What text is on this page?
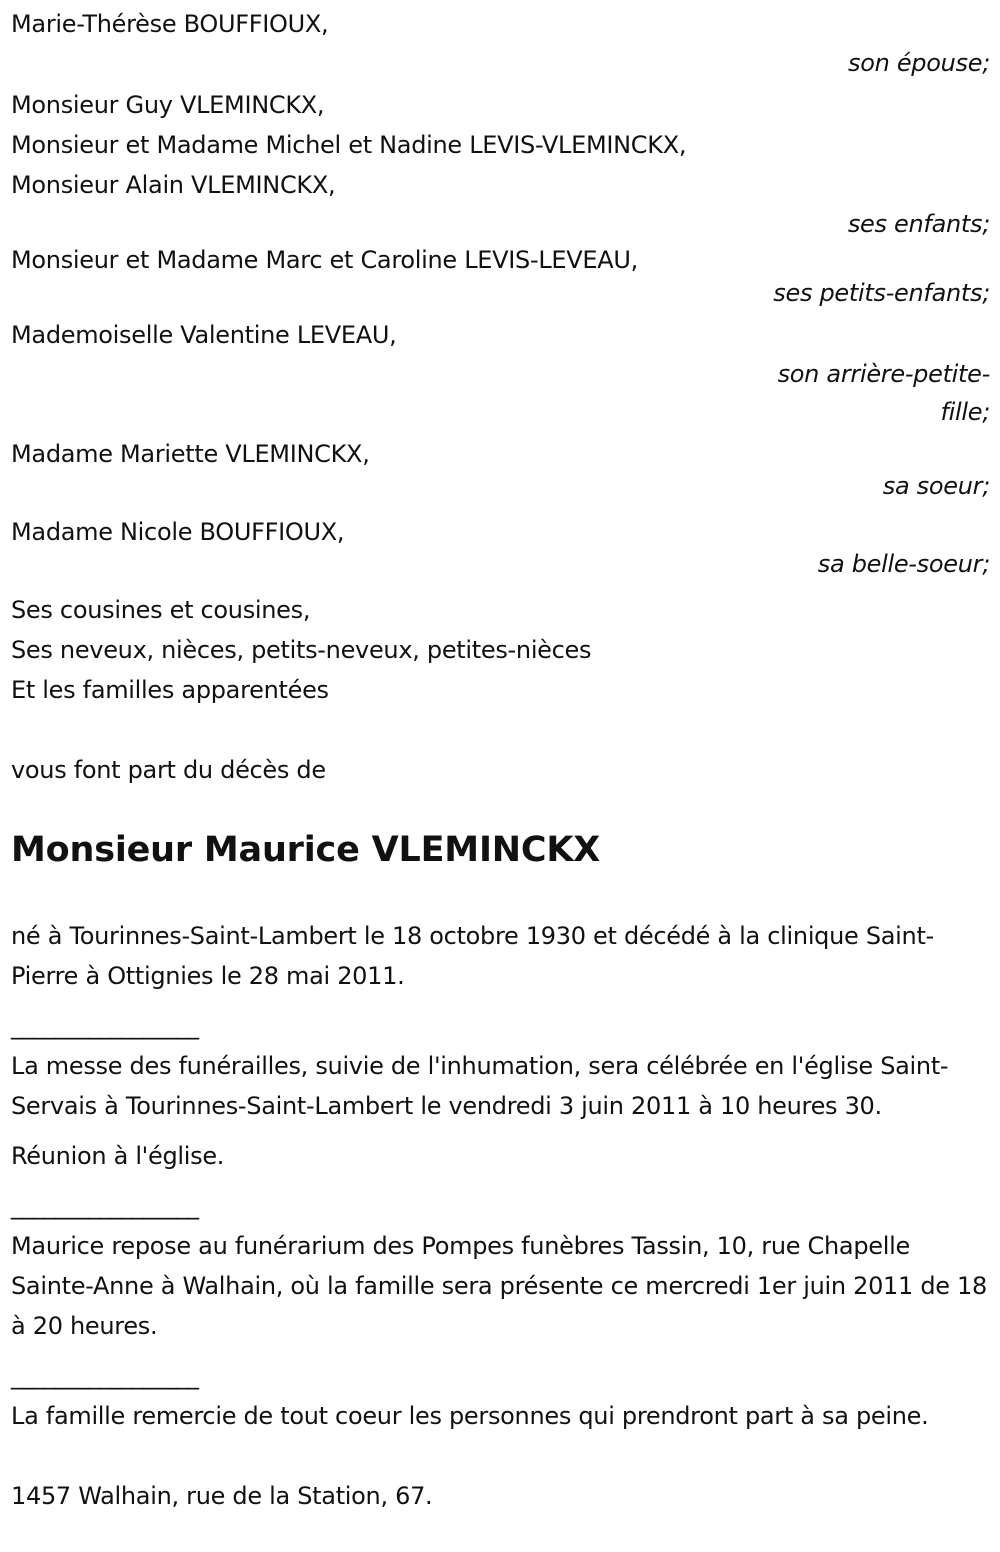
Marie-Thérèse BOUFFIOUX,
son épouse;
Monsieur Guy VLEMINCKX,
Monsieur et Madame Michel et Nadine LEVIS-VLEMINCKX,
Monsieur Alain VLEMINCKX,
ses enfants;
Monsieur et Madame Marc et Caroline LEVIS-LEVEAU,
ses petits-enfants;
Mademoiselle Valentine LEVEAU,
son arrière-petite-
fille;
Madame Mariette VLEMINCKX,
sa soeur;
Madame Nicole BOUFFIOUX,
sa belle-soeur;
Ses cousines et cousines,
Ses neveux, nièces, petits-neveux, petites-nièces
Et les familles apparentées
vous font part du décès de
Monsieur Maurice VLEMINCKX
né à Tourinnes-Saint-Lambert le 18 octobre 1930 et décédé à la clinique Saint-Pierre à Ottignies le 28 mai 2011.
_________________
La messe des funérailles, suivie de l'inhumation, sera célébrée en l'église Saint-Servais à Tourinnes-Saint-Lambert le vendredi 3 juin 2011 à 10 heures 30.
Réunion à l'église.
_________________
Maurice repose au funérarium des Pompes funèbres Tassin, 10, rue Chapelle Sainte-Anne à Walhain, où la famille sera présente ce mercredi 1er juin 2011 de 18 à 20 heures.
_________________
La famille remercie de tout coeur les personnes qui prendront part à sa peine.
1457 Walhain, rue de la Station, 67.
